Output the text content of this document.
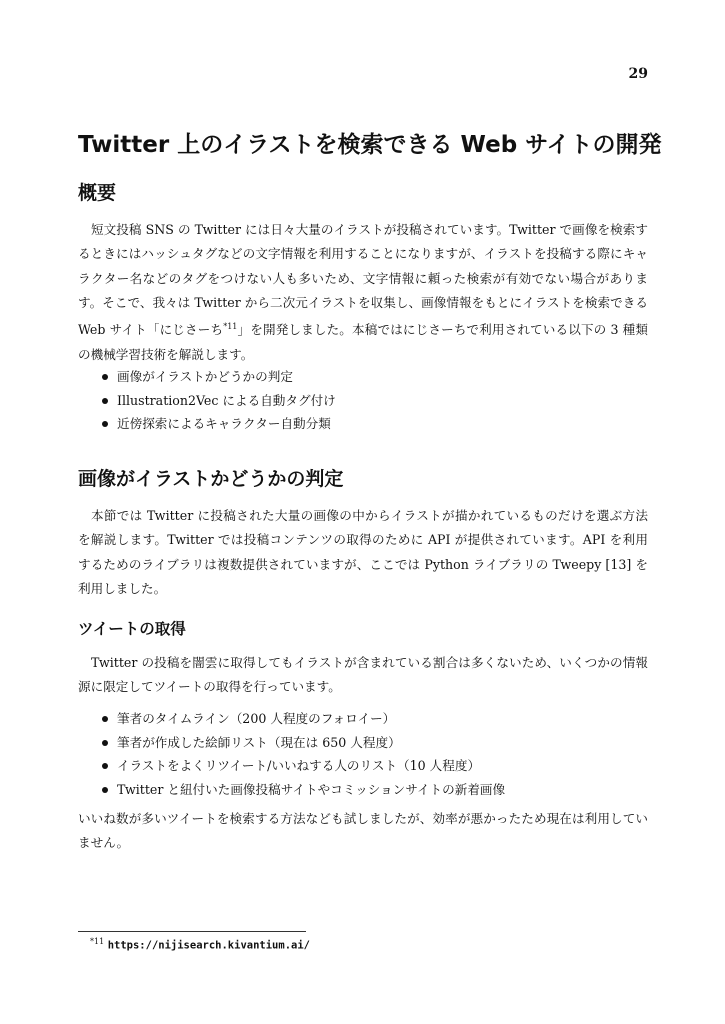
29
Twitter 上のイラストを検索できる Web サイトの開発
概要

短文投稿 SNS の Twitter には日々大量のイラストが投稿されています。Twitter で画像を検索するときにはハッシュタグなどの文字情報を利用することになりますが、イラストを投稿する際にキャラクター名などのタグをつけない人も多いため、文字情報に頼った検索が有効でない場合があります。そこで、我々は Twitter から二次元イラストを収集し、画像情報をもとにイラストを検索できる Web サイト「にじさーち$^{*11}$」を開発しました。本稿ではにじさーちで利用されている以下の 3 種類の機械学習技術を解説します。

画像がイラストかどうかの判定
Illustration2Vec による自動タグ付け
近傍探索によるキャラクター自動分類
画像がイラストかどうかの判定

本節では Twitter に投稿された大量の画像の中からイラストが描かれているものだけを選ぶ方法を解説します。Twitter では投稿コンテンツの取得のために API が提供されています。API を利用するためのライブラリは複数提供されていますが、ここでは Python ライブラリの Tweepy [13] を利用しました。

ツイートの取得

Twitter の投稿を闇雲に取得してもイラストが含まれている割合は多くないため、いくつかの情報源に限定してツイートの取得を行っています。

筆者のタイムライン（200 人程度のフォロイー）
筆者が作成した絵師リスト（現在は 650 人程度）
イラストをよくリツイート/いいねする人のリスト（10 人程度）
Twitter と紐付いた画像投稿サイトやコミッションサイトの新着画像

いいね数が多いツイートを検索する方法なども試しましたが、効率が悪かったため現在は利用していません。

$^{*11}$ https://nijisearch.kivantium.ai/
